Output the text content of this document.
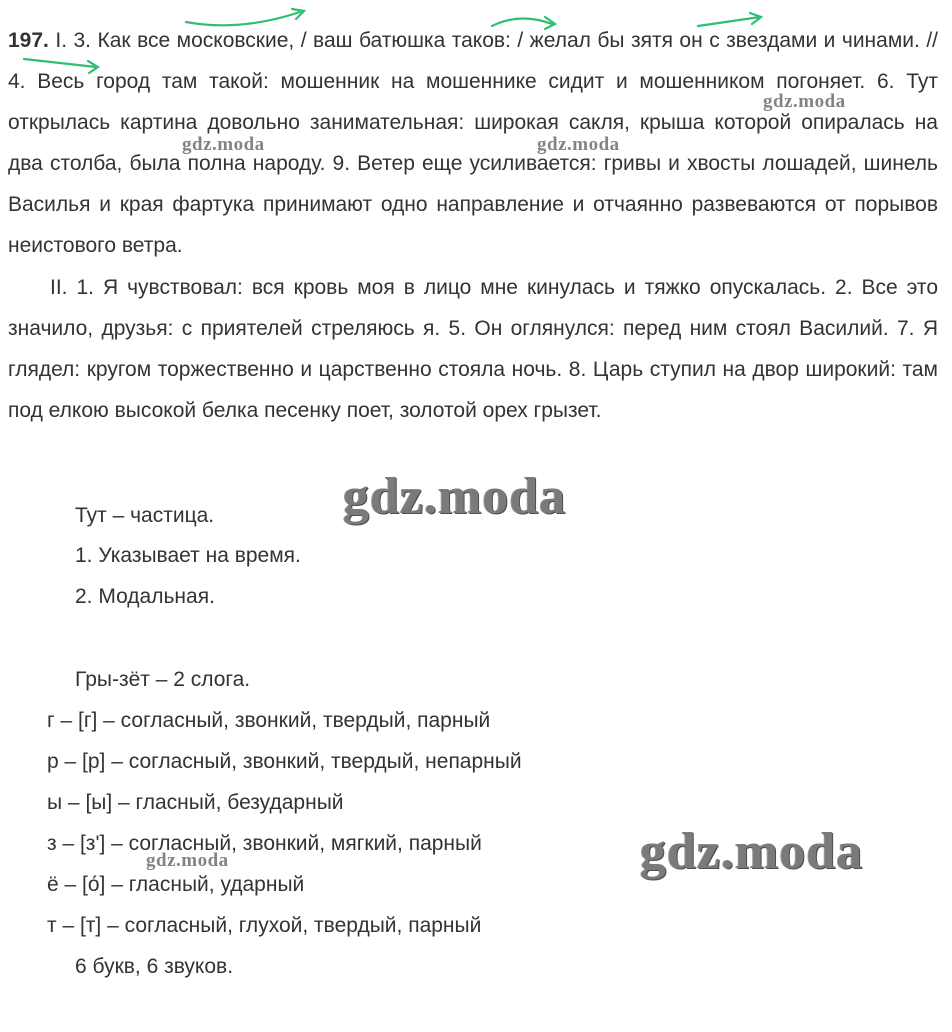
197. I. 3. Как все московские, / ваш батюшка таков: / желал бы зятя он с звездами и чинами. // 4. Весь город там такой: мошенник на мошеннике сидит и мошенником погоняет. 6. Тут открылась картина довольно занимательная: широкая сакля, крыша которой опиралась на два столба, была полна народу. 9. Ветер еще усиливается: гривы и хвосты лошадей, шинель Василья и края фартука принимают одно направление и отчаянно развеваются от порывов неистового ветра.
II. 1. Я чувствовал: вся кровь моя в лицо мне кинулась и тяжко опускалась. 2. Все это значило, друзья: с приятелей стреляюсь я. 5. Он оглянулся: перед ним стоял Василий. 7. Я глядел: кругом торжественно и царственно стояла ночь. 8. Царь ступил на двор широкий: там под елкою высокой белка песенку поет, золотой орех грызет.
Тут – частица.
1. Указывает на время.
2. Модальная.
Гры-зёт – 2 слога.
г – [г] – согласный, звонкий, твердый, парный
р – [р] – согласный, звонкий, твердый, непарный
ы – [ы] – гласный, безударный
з – [з'] – согласный, звонкий, мягкий, парный
ё – [о́] – гласный, ударный
т – [т] – согласный, глухой, твердый, парный
6 букв, 6 звуков.
gdz.moda
gdz.moda	gdz.moda
gdz.moda
gdz.moda
gdz.moda
